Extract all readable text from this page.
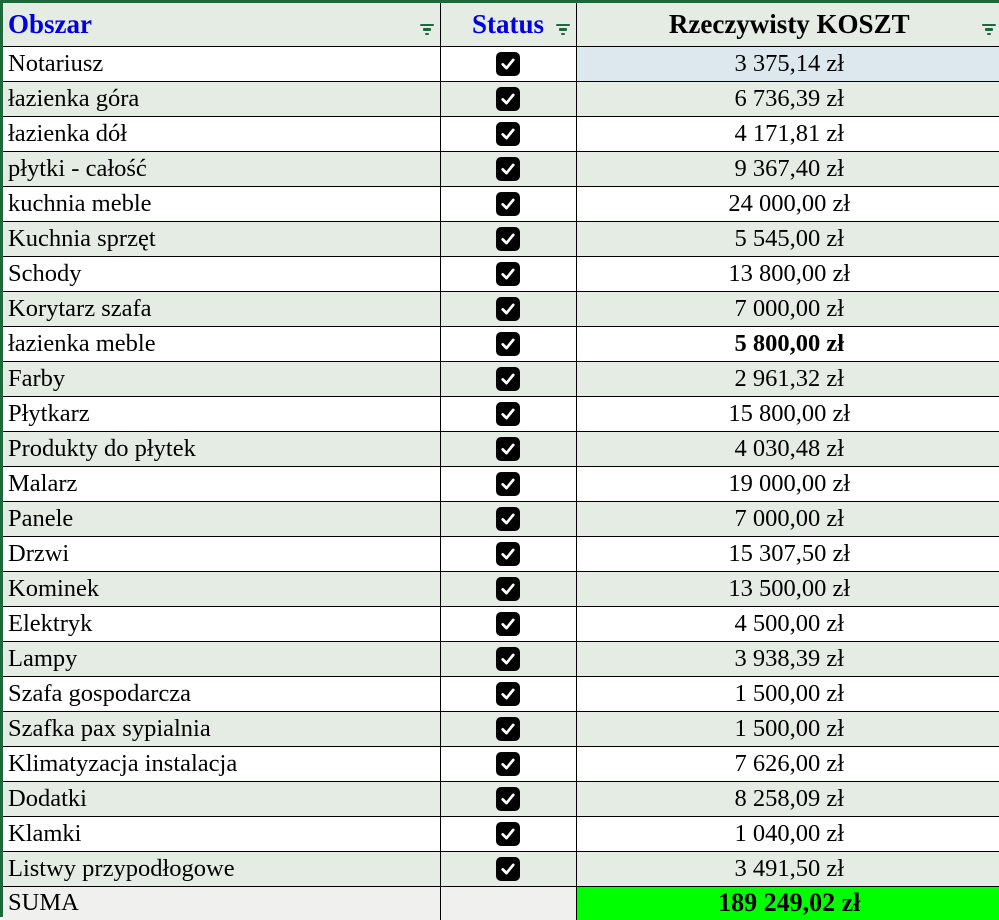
Obszar	Status	Rzeczywisty KOSZT

Notariusz		3 375,14 zł
łazienka góra		6 736,39 zł
łazienka dół		4 171,81 zł
płytki - całość		9 367,40 zł
kuchnia meble		24 000,00 zł
Kuchnia sprzęt		5 545,00 zł
Schody		13 800,00 zł
Korytarz szafa		7 000,00 zł
łazienka meble		5 800,00 zł
Farby		2 961,32 zł
Płytkarz		15 800,00 zł
Produkty do płytek		4 030,48 zł
Malarz		19 000,00 zł
Panele		7 000,00 zł
Drzwi		15 307,50 zł
Kominek		13 500,00 zł
Elektryk		4 500,00 zł
Lampy		3 938,39 zł
Szafa gospodarcza		1 500,00 zł
Szafka pax sypialnia		1 500,00 zł
Klimatyzacja instalacja		7 626,00 zł
Dodatki		8 258,09 zł
Klamki		1 040,00 zł
Listwy przypodłogowe		3 491,50 zł
SUMA		189 249,02 zł
